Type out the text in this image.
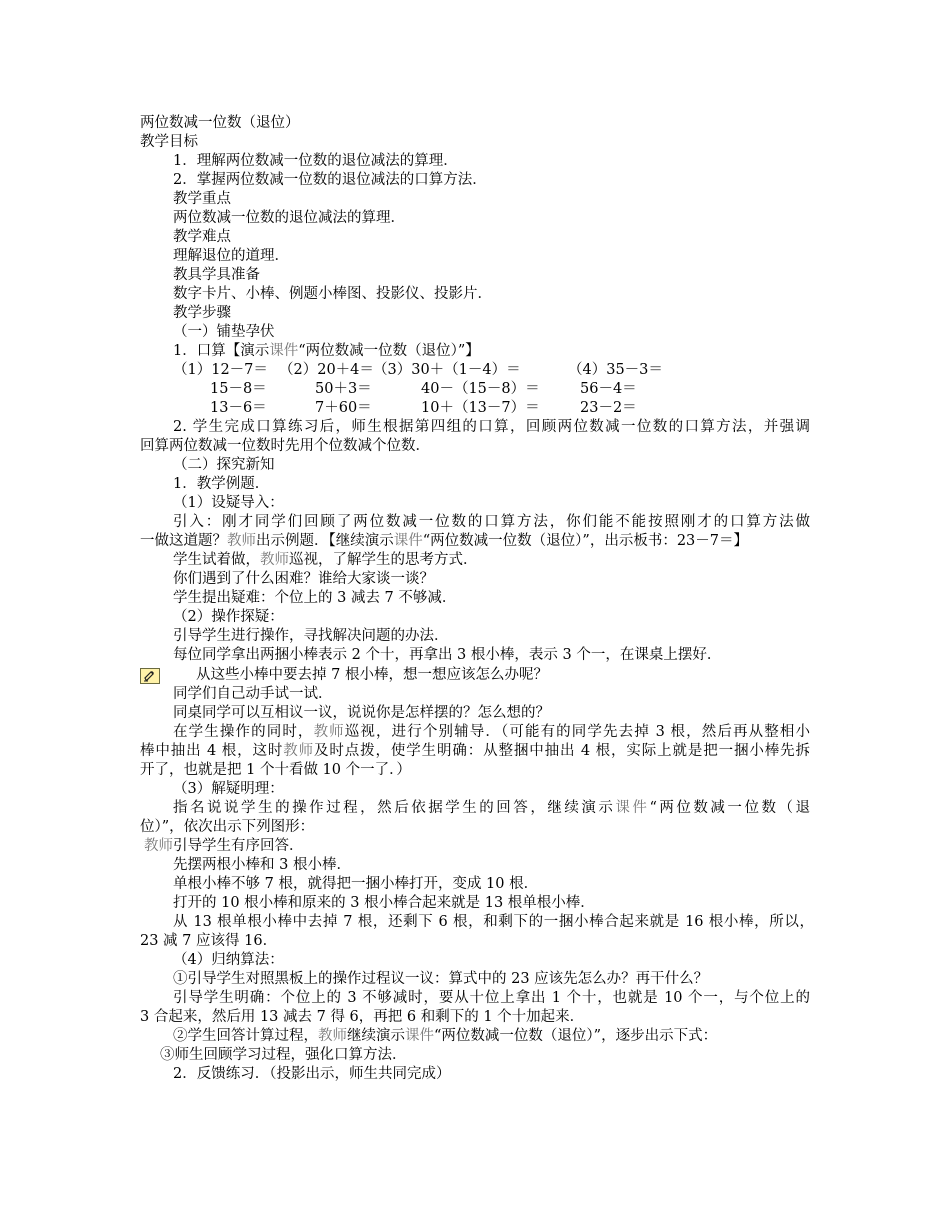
两位数减一位数（退位）
教学目标
1．理解两位数减一位数的退位减法的算理．
2．掌握两位数减一位数的退位减法的口算方法．
教学重点
两位数减一位数的退位减法的算理．
教学难点
理解退位的道理．
教具学具准备
数字卡片、小棒、例题小棒图、投影仪、投影片．
教学步骤
（一）铺垫孕伏
1．口算【演示课件“两位数减一位数（退位）”】
（1）12－7＝ （2）20＋4＝ （3）30＋（1－4）＝	（4）35－3＝
15－8＝	50＋3＝	40－（15－8）＝	56－4＝
13－6＝	7＋60＝	10＋（13－7）＝	23－2＝
2. 学生完成口算练习后，师生根据第四组的口算，回顾两位数减一位数的口算方法，并强调
回算两位数减一位数时先用个位数减个位数．
（二）探究新知
1．教学例题．
（1）设疑导入：
引入：刚才同学们回顾了两位数减一位数的口算方法，你们能不能按照刚才的口算方法做
一做这道题？教师出示例题．【继续演示课件“两位数减一位数（退位）”，出示板书：23－7＝】
学生试着做，教师巡视，了解学生的思考方式．
你们遇到了什么困难？谁给大家谈一谈？
学生提出疑难：个位上的 3 减去 7 不够减．
（2）操作探疑：
引导学生进行操作，寻找解决问题的办法．
每位同学拿出两捆小棒表示 2 个十，再拿出 3 根小棒，表示 3 个一，在课桌上摆好．
从这些小棒中要去掉 7 根小棒，想一想应该怎么办呢？
同学们自己动手试一试．
同桌同学可以互相议一议，说说你是怎样摆的？怎么想的？
在学生操作的同时，教师巡视，进行个别辅导．（可能有的同学先去掉 3 根，然后再从整相小
棒中抽出 4 根，这时教师及时点拨，使学生明确：从整捆中抽出 4 根，实际上就是把一捆小棒先拆
开了，也就是把 1 个十看做 10 个一了．）
（3）解疑明理：
指名说说学生的操作过程，然后依据学生的回答，继续演示课件“两位数减一位数（退
位）”，依次出示下列图形：
教师引导学生有序回答．
先摆两根小棒和 3 根小棒．
单根小棒不够 7 根，就得把一捆小棒打开，变成 10 根．
打开的 10 根小棒和原来的 3 根小棒合起来就是 13 根单根小棒．
从 13 根单根小棒中去掉 7 根，还剩下 6 根，和剩下的一捆小棒合起来就是 16 根小棒，所以，
23 减 7 应该得 16．
（4）归纳算法：
①引导学生对照黑板上的操作过程议一议：算式中的 23 应该先怎么办？再干什么？
引导学生明确：个位上的 3 不够减时，要从十位上拿出 1 个十，也就是 10 个一，与个位上的
3 合起来，然后用 13 减去 7 得 6，再把 6 和剩下的 1 个十加起来．
②学生回答计算过程，教师继续演示课件“两位数减一位数（退位）”，逐步出示下式：
③师生回顾学习过程，强化口算方法．
2．反馈练习．（投影出示，师生共同完成）
